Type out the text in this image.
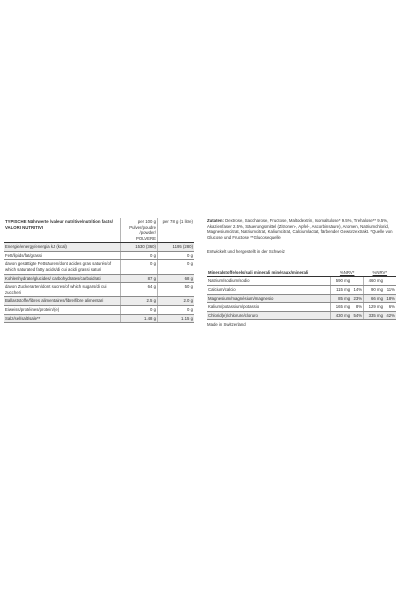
TYPISCHE Nährwerte /valeur nutritive/nutrition facts/ VALORI NUTRITIVI	per 100 g Pulver/poudre /powder/ POLVERE	per 78 g (1 litre)
Energie/energy/energia kJ (kcal)	1530 (360)	1195 (280)
Fett/lipids/fat/grassi	0 g	0 g
davon gesättigte Fettsäuren/dont acides gras saturés/of which saturated fatty acids/di cui acidi grassi saturi	0 g	0 g
Kohlenhydrate/glucides/ carbohydrates/carboidrati	87 g	68 g
davon Zuckerarten/dont sucres/of which sugars/di cui zuccheri	64 g	50 g
Ballaststoffe/fibres alimentaires/fibre/fibre alimentari	2.5 g	2.0 g
Eiweiss/protéines/protein/(e)	0 g	0 g
Salz/sel/salt/sale**	1.48 g	1.15 g
Zutaten: Dextrose, Saccharose, Fructose, Maltodextrin, Isomaltulose* 9.5%, Trehalose** 9.5%, Akazienfaser 2.5%, Säuerungsmittel (Zitronen-, Apfel-, Ascorbinsäure), Aromen, Natriumchlorid, Magnesiumcitrat, Natriumcitrat, Kaliumcitrat, Calciumlactat, färbender Gewürzextrakt. *Quelle von Glucose und Fructose **Glucosequelle
Entwickelt und hergestellt in der Schweiz
Mineralstoffe/sels/sali minerali minéraux/minerali	%NRV*		%NRV*	
Natrium/sodium/sodio	590 mg		460 mg	
Calcium/calcio	115 mg	14%	90 mg	11%
Magnesium/magnésium/magnesio	85 mg	23%	66 mg	18%
Kalium/potassium/potassio	165 mg	8%	129 mg	6%
Chlorid(e)/chlorure/cloruro	430 mg	54%	335 mg	42%
Made in Switzerland
